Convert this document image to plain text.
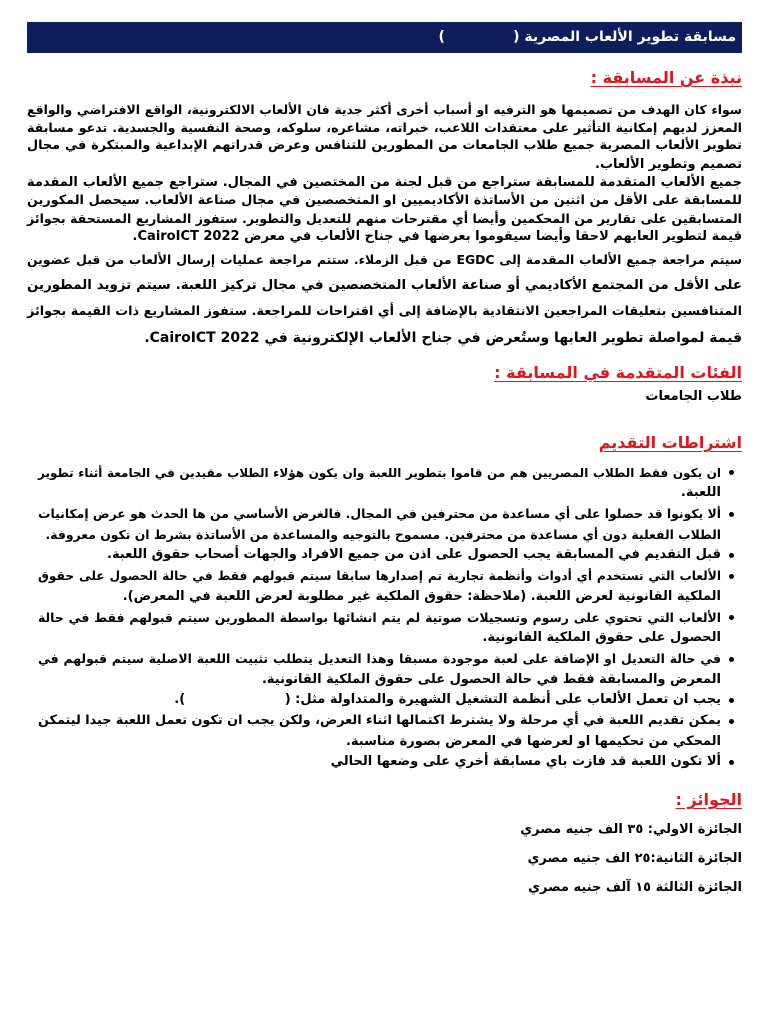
مسابقة تطوير الألعاب المصرية (              )
نبذة عن المسابقة :
سواء كان الهدف من تصميمها هو الترفيه او أسباب أخرى أكثر جدية فان الألعاب الالكترونية، الواقع الافتراضي والواقع
المعزز لديهم إمكانية التأثير على معتقدات اللاعب، خبراته، مشاعره، سلوكه، وصحة النفسية والجسدية. تدعو مسابقة
تطوير الألعاب المصرية جميع طلاب الجامعات من المطورين للتنافس وعرض قدراتهم الإبداعية والمبتكرة في مجال
تصميم وتطوير الألعاب.
جميع الألعاب المتقدمة للمسابقة ستراجع من قبل لجنة من المختصين في المجال. ستراجع جميع الألعاب المقدمة
للمسابقة على الأقل من اثنين من الأساتذة الأكاديميين او المتخصصين في مجال صناعة الألعاب. سيحصل المكورين
المتسابقين على تقارير من المحكمين وأيضا أي مقترحات منهم للتعديل والتطوير. ستفوز المشاريع المستحقة بجوائز
قيمة لتطوير العابهم لاحقا وأيضا سيقوموا بعرضها في جناح الألعاب في معرض CairoICT 2022.
سيتم مراجعة جميع الألعاب المقدمة إلى EGDC من قبل الزملاء. ستتم مراجعة عمليات إرسال الألعاب من قبل عضوين
على الأقل من المجتمع الأكاديمي أو صناعة الألعاب المتخصصين في مجال تركيز اللعبة. سيتم تزويد المطورين
المتنافسين بتعليقات المراجعين الانتقادية بالإضافة إلى أي اقتراحات للمراجعة. ستفوز المشاريع ذات القيمة بجوائز
قيمة لمواصلة تطوير العابها وستُعرض في جناح الألعاب الإلكترونية في CairoICT 2022.
الفئات المتقدمة في المسابقة :
طلاب الجامعات
اشتراطات التقديم
ان يكون فقط الطلاب المصريين هم من قاموا بتطوير اللعبة وان يكون هؤلاء الطلاب مقيدين في الجامعة أثناء تطوير
اللعبة.
ألا يكونوا قد حصلوا على أي مساعدة من محترفين في المجال. فالغرض الأساسي من ها الحدث هو عرض إمكانيات
الطلاب الفعلية دون أي مساعدة من محترفين. مسموح بالتوجيه والمساعدة من الأساتذة بشرط ان تكون معروفة.
قبل التقديم في المسابقة يجب الحصول على اذن من جميع الافراد والجهات أصحاب حقوق اللعبة.
الألعاب التي تستخدم أي أدوات وأنظمة تجارية تم إصدارها سابقا سيتم قبولهم فقط في حالة الحصول على حقوق
الملكية القانونية لعرض اللعبة. (ملاحظة: حقوق الملكية غير مطلوبة لعرض اللعبة في المعرض).
الألعاب التي تحتوي على رسوم وتسجيلات صوتية لم يتم انشائها بواسطة المطورين سيتم قبولهم فقط في حالة
الحصول على حقوق الملكية القانونية.
في حالة التعديل او الإضافة على لعبة موجودة مسبقا وهذا التعديل يتطلب تثبيت اللعبة الاصلية سيتم قبولهم في
المعرض والمسابقة فقط في حالة الحصول على حقوق الملكية القانونية.
يجب ان تعمل الألعاب على أنظمة التشغيل الشهيرة والمتداولة مثل: (                      ).
يمكن تقديم اللعبة في أي مرحلة ولا يشترط اكتمالها اثناء العرض، ولكن يجب ان تكون تعمل اللعبة جيدا ليتمكن
المحكي من تحكيمها او لعرضها في المعرض بصورة مناسبة.
ألا تكون اللعبة قد فازت باي مسابقة أخري على وضعها الحالي
الجوائز :
الجائزة الاولي: ٣٥ الف جنيه مصري
الجائزة الثانية:٢٥ الف جنيه مصري
الجائزة الثالثة ١٥ آلف جنيه مصري
